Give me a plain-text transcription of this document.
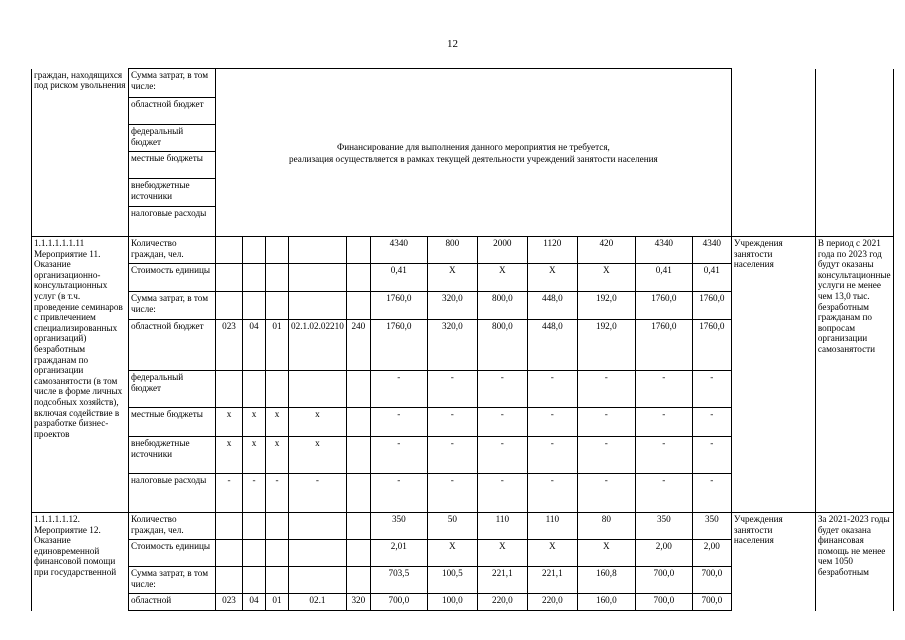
12
граждан, находящихся под риском увольнения	Сумма затрат, в том числе:	Финансирование для выполнения данного мероприятия не требуется,
реализация осуществляется в рамках текущей деятельности учреждений занятости населения													

	областной бюджет														
	федеральный бюджет														
	местные бюджеты														
	внебюджетные источники														
	налоговые расходы														

1.1.1.1.1.1.11
Мероприятие 11. Оказание организационно-консультационных услуг (в т.ч. проведение семинаров с привлечением специализированных организаций) безработным гражданам по организации самозанятости (в том числе в форме личных подсобных хозяйств), включая содействие в разработке бизнес-проектов	Количество граждан, чел.						4340	800	2000	1120	420	4340	4340	Учреждения занятости населения	В период с 2021 года по 2023 год будут оказаны консультационные услуги не менее чем 13,0 тыс. безработным гражданам по вопросам организации самозанятости
	Стоимость единицы						0,41	X	X	X	X	0,41	0,41		
	Сумма затрат, в том числе:						1760,0	320,0	800,0	448,0	192,0	1760,0	1760,0		
	областной бюджет	023	04	01	02.1.02.02210	240	1760,0	320,0	800,0	448,0	192,0	1760,0	1760,0		
	федеральный бюджет						-	-	-	-	-	-	-		
	местные бюджеты	х	х	х	х		-	-	-	-	-	-	-		
	внебюджетные источники	х	х	х	х		-	-	-	-	-	-	-		
	налоговые расходы	-	-	-	-		-	-	-	-	-	-	-		

1.1.1.1.1.12.
Мероприятие 12. Оказание единовременной финансовой помощи при государственной	Количество граждан, чел.						350	50	110	110	80	350	350	Учреждения занятости населения	За 2021-2023 годы будет оказана финансовая помощь не менее чем 1050 безработным
	Стоимость единицы						2,01	X	X	X	X	2,00	2,00		
	Сумма затрат, в том числе:						703,5	100,5	221,1	221,1	160,8	700,0	700,0		
	областной	023	04	01	02.1	320	700,0	100,0	220,0	220,0	160,0	700,0	700,0		
